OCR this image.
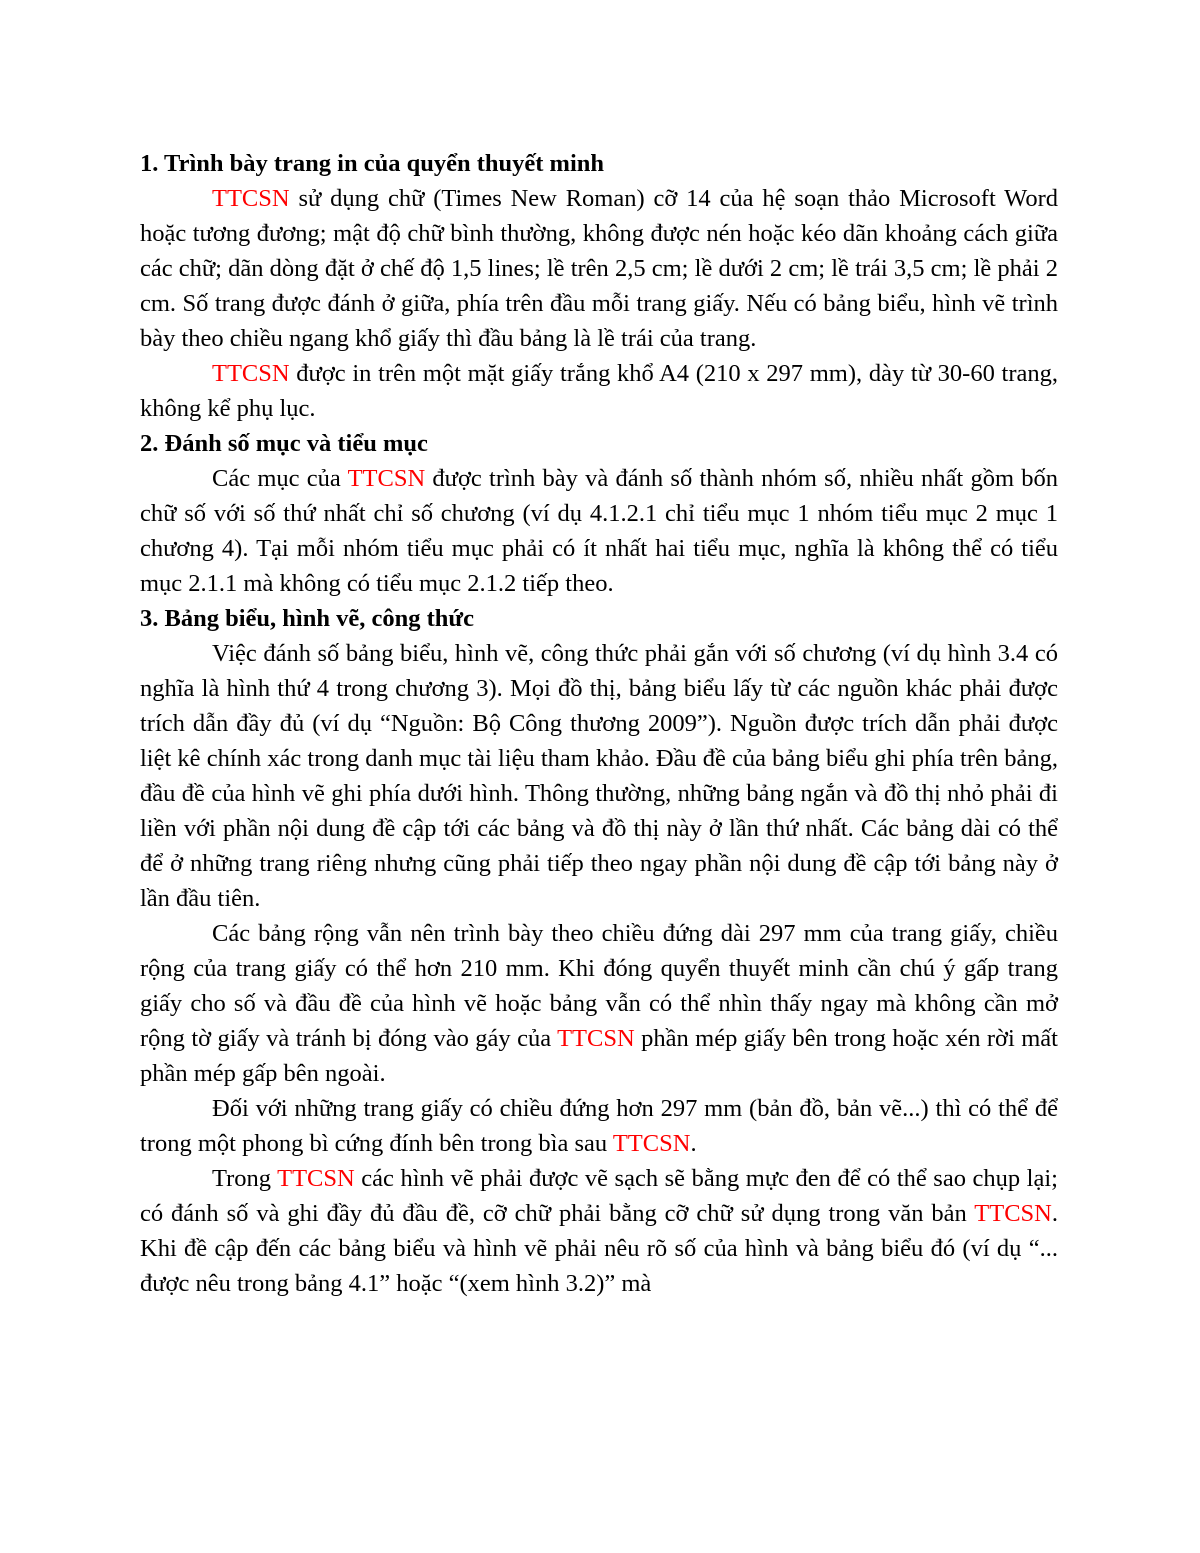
1. Trình bày trang in của quyển thuyết minh

TTCSN sử dụng chữ (Times New Roman) cỡ 14 của hệ soạn thảo Microsoft Word hoặc tương đương; mật độ chữ bình thường, không được nén hoặc kéo dãn khoảng cách giữa các chữ; dãn dòng đặt ở chế độ 1,5 lines; lề trên 2,5 cm; lề dưới 2 cm; lề trái 3,5 cm; lề phải 2 cm. Số trang được đánh ở giữa, phía trên đầu mỗi trang giấy. Nếu có bảng biểu, hình vẽ trình bày theo chiều ngang khổ giấy thì đầu bảng là lề trái của trang.

TTCSN được in trên một mặt giấy trắng khổ A4 (210 x 297 mm), dày từ 30-60 trang, không kể phụ lục.

2. Đánh số mục và tiểu mục

Các mục của TTCSN được trình bày và đánh số thành nhóm số, nhiều nhất gồm bốn chữ số với số thứ nhất chỉ số chương (ví dụ 4.1.2.1 chỉ tiểu mục 1 nhóm tiểu mục 2 mục 1 chương 4). Tại mỗi nhóm tiểu mục phải có ít nhất hai tiểu mục, nghĩa là không thể có tiểu mục 2.1.1 mà không có tiểu mục 2.1.2 tiếp theo.

3. Bảng biểu, hình vẽ, công thức

Việc đánh số bảng biểu, hình vẽ, công thức phải gắn với số chương (ví dụ hình 3.4 có nghĩa là hình thứ 4 trong chương 3). Mọi đồ thị, bảng biểu lấy từ các nguồn khác phải được trích dẫn đầy đủ (ví dụ “Nguồn: Bộ Công thương 2009”). Nguồn được trích dẫn phải được liệt kê chính xác trong danh mục tài liệu tham khảo. Đầu đề của bảng biểu ghi phía trên bảng, đầu đề của hình vẽ ghi phía dưới hình. Thông thường, những bảng ngắn và đồ thị nhỏ phải đi liền với phần nội dung đề cập tới các bảng và đồ thị này ở lần thứ nhất. Các bảng dài có thể để ở những trang riêng nhưng cũng phải tiếp theo ngay phần nội dung đề cập tới bảng này ở lần đầu tiên.

Các bảng rộng vẫn nên trình bày theo chiều đứng dài 297 mm của trang giấy, chiều rộng của trang giấy có thể hơn 210 mm. Khi đóng quyển thuyết minh cần chú ý gấp trang giấy cho số và đầu đề của hình vẽ hoặc bảng vẫn có thể nhìn thấy ngay mà không cần mở rộng tờ giấy và tránh bị đóng vào gáy của TTCSN phần mép giấy bên trong hoặc xén rời mất phần mép gấp bên ngoài.

Đối với những trang giấy có chiều đứng hơn 297 mm (bản đồ, bản vẽ...) thì có thể để trong một phong bì cứng đính bên trong bìa sau TTCSN.

Trong TTCSN các hình vẽ phải được vẽ sạch sẽ bằng mực đen để có thể sao chụp lại; có đánh số và ghi đầy đủ đầu đề, cỡ chữ phải bằng cỡ chữ sử dụng trong văn bản TTCSN. Khi đề cập đến các bảng biểu và hình vẽ phải nêu rõ số của hình và bảng biểu đó (ví dụ “... được nêu trong bảng 4.1” hoặc “(xem hình 3.2)” mà
